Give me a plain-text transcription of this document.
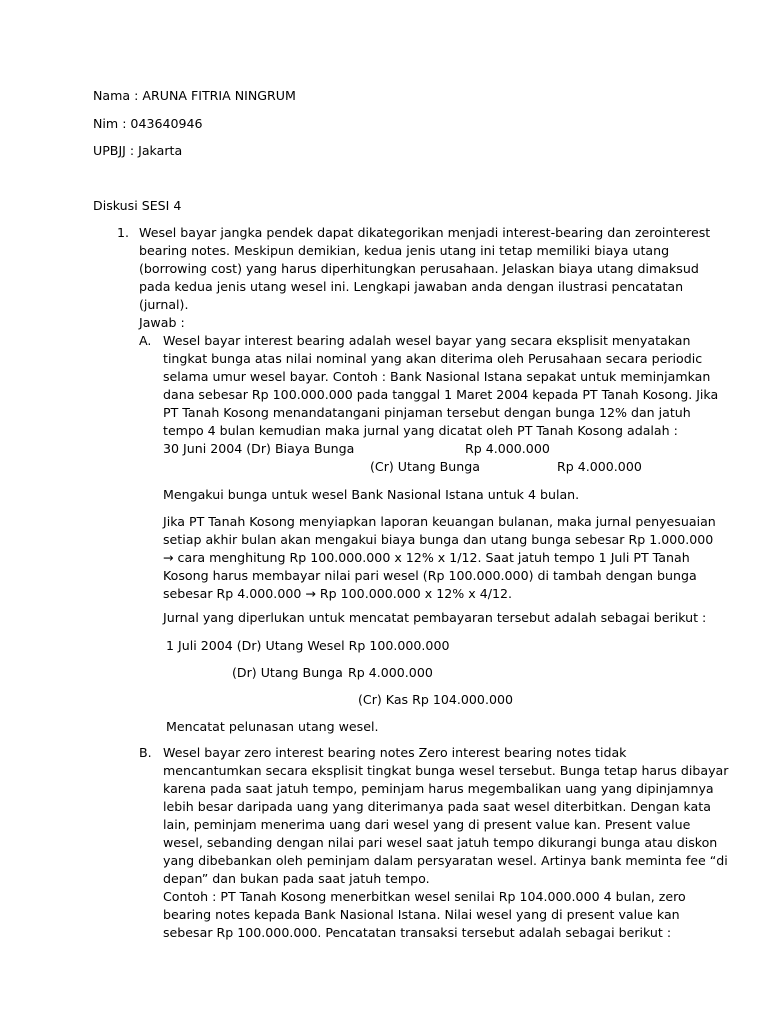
Nama : ARUNA FITRIA NINGRUM
Nim : 043640946
UPBJJ : Jakarta
Diskusi SESI 4
1. Wesel bayar jangka pendek dapat dikategorikan menjadi interest-bearing dan zerointerest
bearing notes. Meskipun demikian, kedua jenis utang ini tetap memiliki biaya utang
(borrowing cost) yang harus diperhitungkan perusahaan. Jelaskan biaya utang dimaksud
pada kedua jenis utang wesel ini. Lengkapi jawaban anda dengan ilustrasi pencatatan
(jurnal).
Jawab :
A. Wesel bayar interest bearing adalah wesel bayar yang secara eksplisit menyatakan
tingkat bunga atas nilai nominal yang akan diterima oleh Perusahaan secara periodic
selama umur wesel bayar. Contoh : Bank Nasional Istana sepakat untuk meminjamkan
dana sebesar Rp 100.000.000 pada tanggal 1 Maret 2004 kepada PT Tanah Kosong. Jika
PT Tanah Kosong menandatangani pinjaman tersebut dengan bunga 12% dan jatuh
tempo 4 bulan kemudian maka jurnal yang dicatat oleh PT Tanah Kosong adalah :
30 Juni 2004 (Dr) Biaya Bunga	Rp 4.000.000
(Cr) Utang Bunga	Rp 4.000.000
Mengakui bunga untuk wesel Bank Nasional Istana untuk 4 bulan.
Jika PT Tanah Kosong menyiapkan laporan keuangan bulanan, maka jurnal penyesuaian
setiap akhir bulan akan mengakui biaya bunga dan utang bunga sebesar Rp 1.000.000
→ cara menghitung Rp 100.000.000 x 12% x 1/12. Saat jatuh tempo 1 Juli PT Tanah
Kosong harus membayar nilai pari wesel (Rp 100.000.000) di tambah dengan bunga
sebesar Rp 4.000.000 → Rp 100.000.000 x 12% x 4/12.
Jurnal yang diperlukan untuk mencatat pembayaran tersebut adalah sebagai berikut :
1 Juli 2004 (Dr) Utang Wesel Rp 100.000.000
(Dr) Utang Bunga Rp 4.000.000
(Cr) Kas Rp 104.000.000
Mencatat pelunasan utang wesel.
B. Wesel bayar zero interest bearing notes Zero interest bearing notes tidak
mencantumkan secara eksplisit tingkat bunga wesel tersebut. Bunga tetap harus dibayar
karena pada saat jatuh tempo, peminjam harus megembalikan uang yang dipinjamnya
lebih besar daripada uang yang diterimanya pada saat wesel diterbitkan. Dengan kata
lain, peminjam menerima uang dari wesel yang di present value kan. Present value
wesel, sebanding dengan nilai pari wesel saat jatuh tempo dikurangi bunga atau diskon
yang dibebankan oleh peminjam dalam persyaratan wesel. Artinya bank meminta fee “di
depan” dan bukan pada saat jatuh tempo.
Contoh : PT Tanah Kosong menerbitkan wesel senilai Rp 104.000.000 4 bulan, zero
bearing notes kepada Bank Nasional Istana. Nilai wesel yang di present value kan
sebesar Rp 100.000.000. Pencatatan transaksi tersebut adalah sebagai berikut :
